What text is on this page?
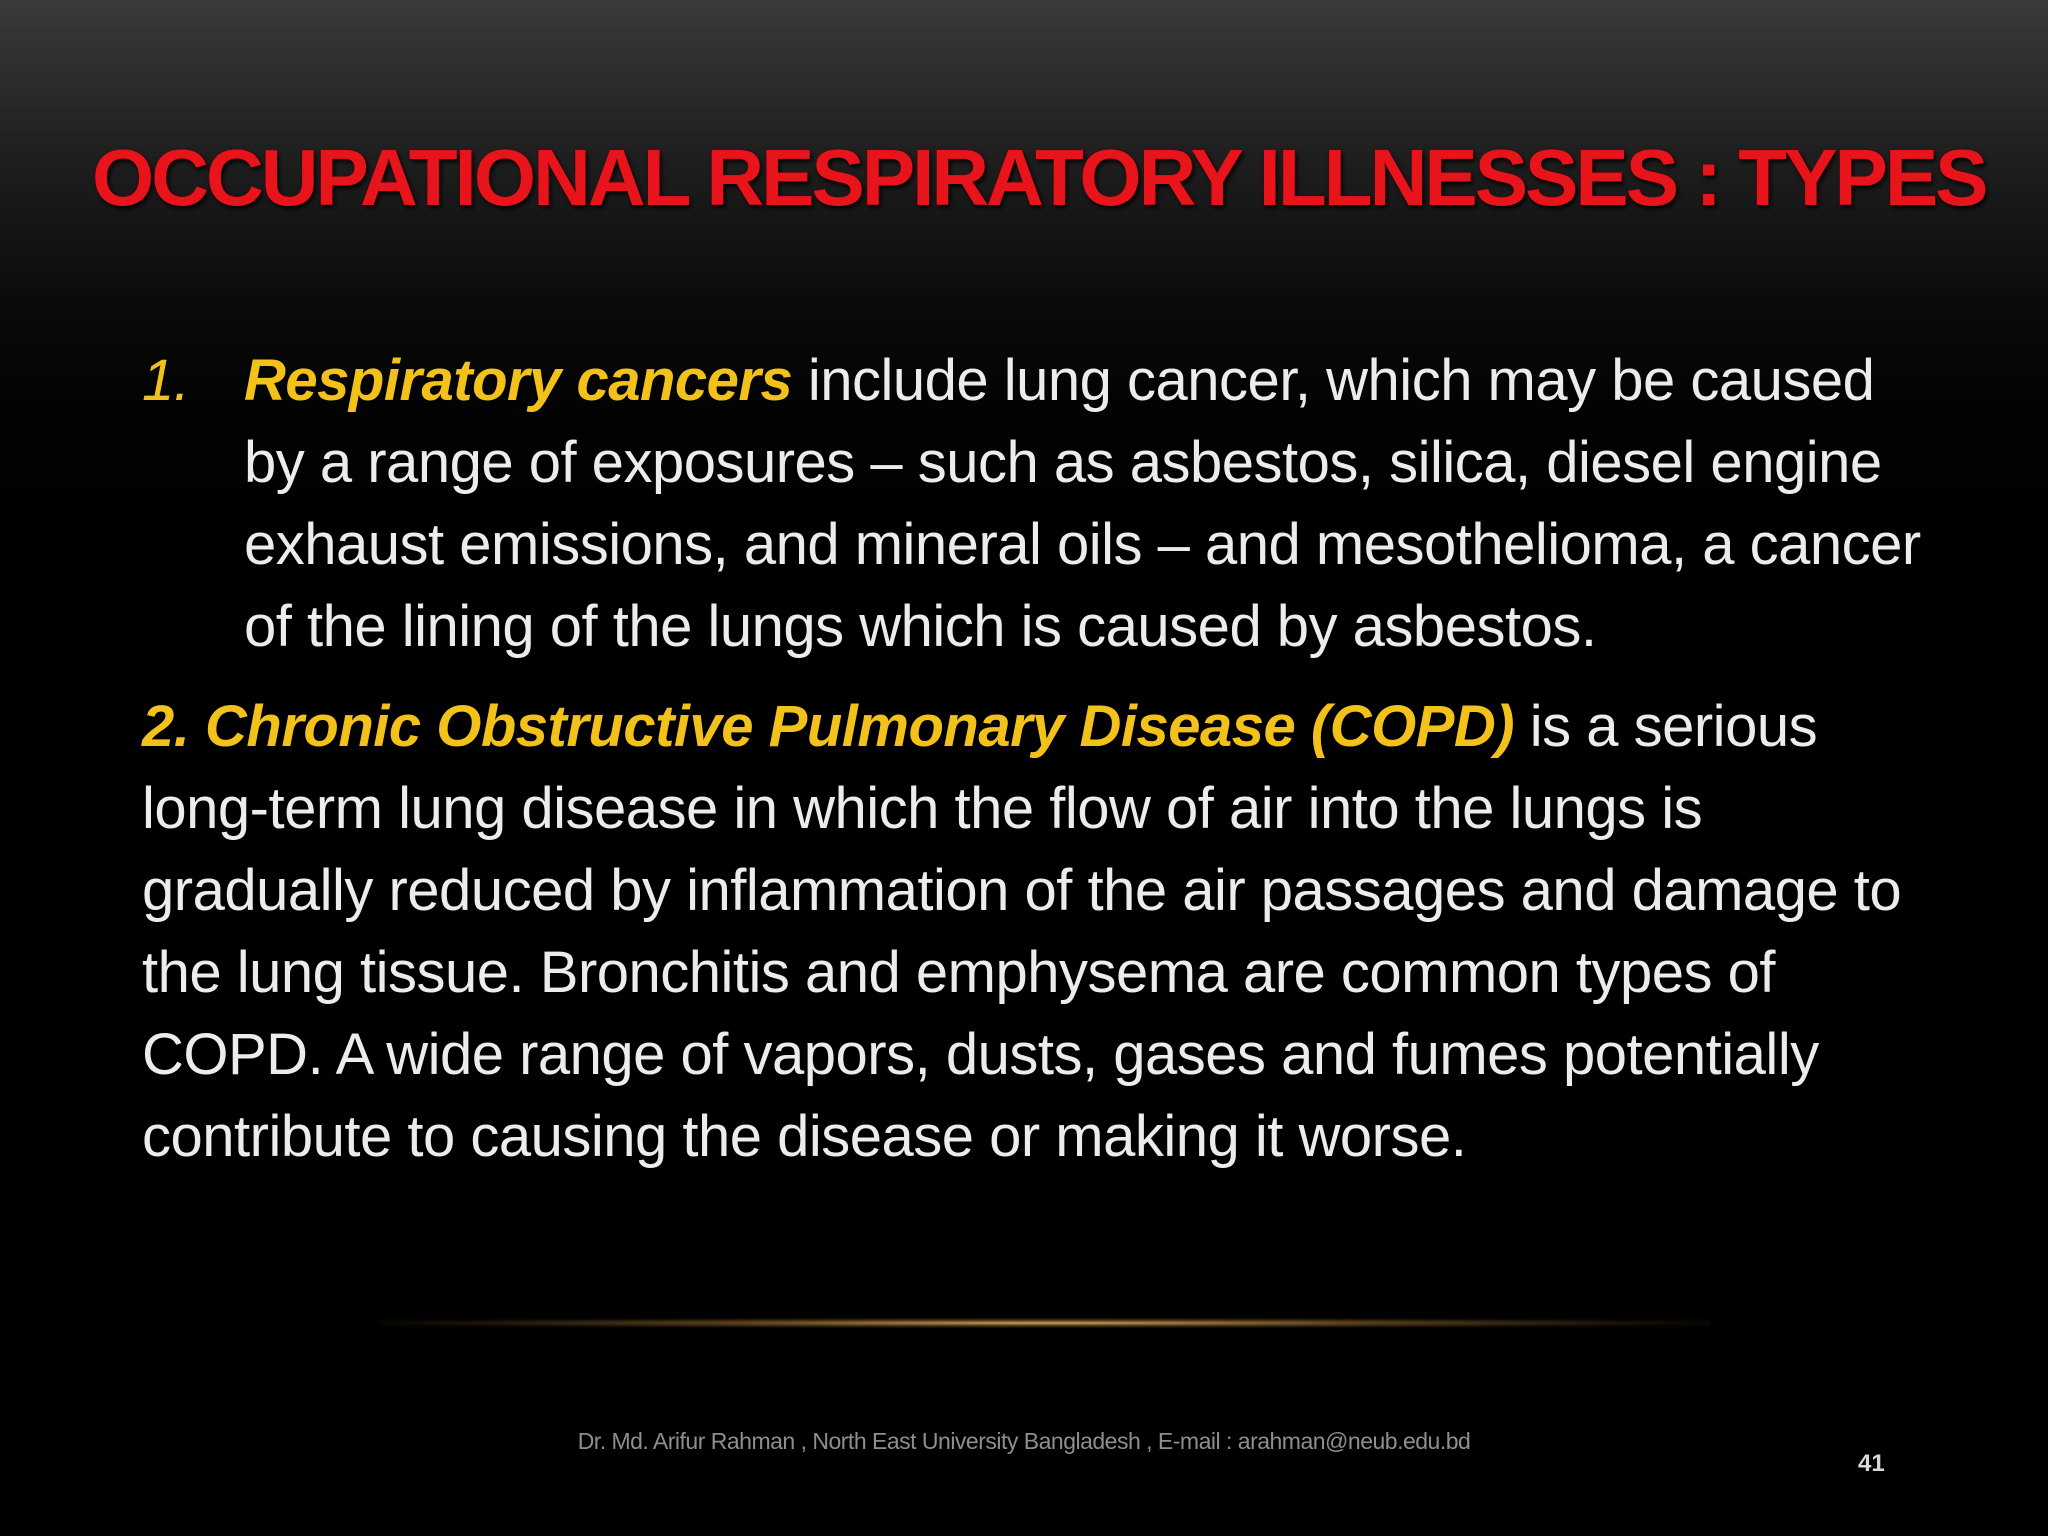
OCCUPATIONAL RESPIRATORY ILLNESSES : TYPES

1. Respiratory cancers include lung cancer, which may be caused by a range of exposures – such as asbestos, silica, diesel engine exhaust emissions, and mineral oils – and mesothelioma, a cancer of the lining of the lungs which is caused by asbestos.

2. Chronic Obstructive Pulmonary Disease (COPD) is a serious long-term lung disease in which the flow of air into the lungs is gradually reduced by inflammation of the air passages and damage to the lung tissue. Bronchitis and emphysema are common types of COPD. A wide range of vapors, dusts, gases and fumes potentially contribute to causing the disease or making it worse.

Dr. Md. Arifur Rahman , North East University Bangladesh , E-mail : arahman@neub.edu.bd
41
